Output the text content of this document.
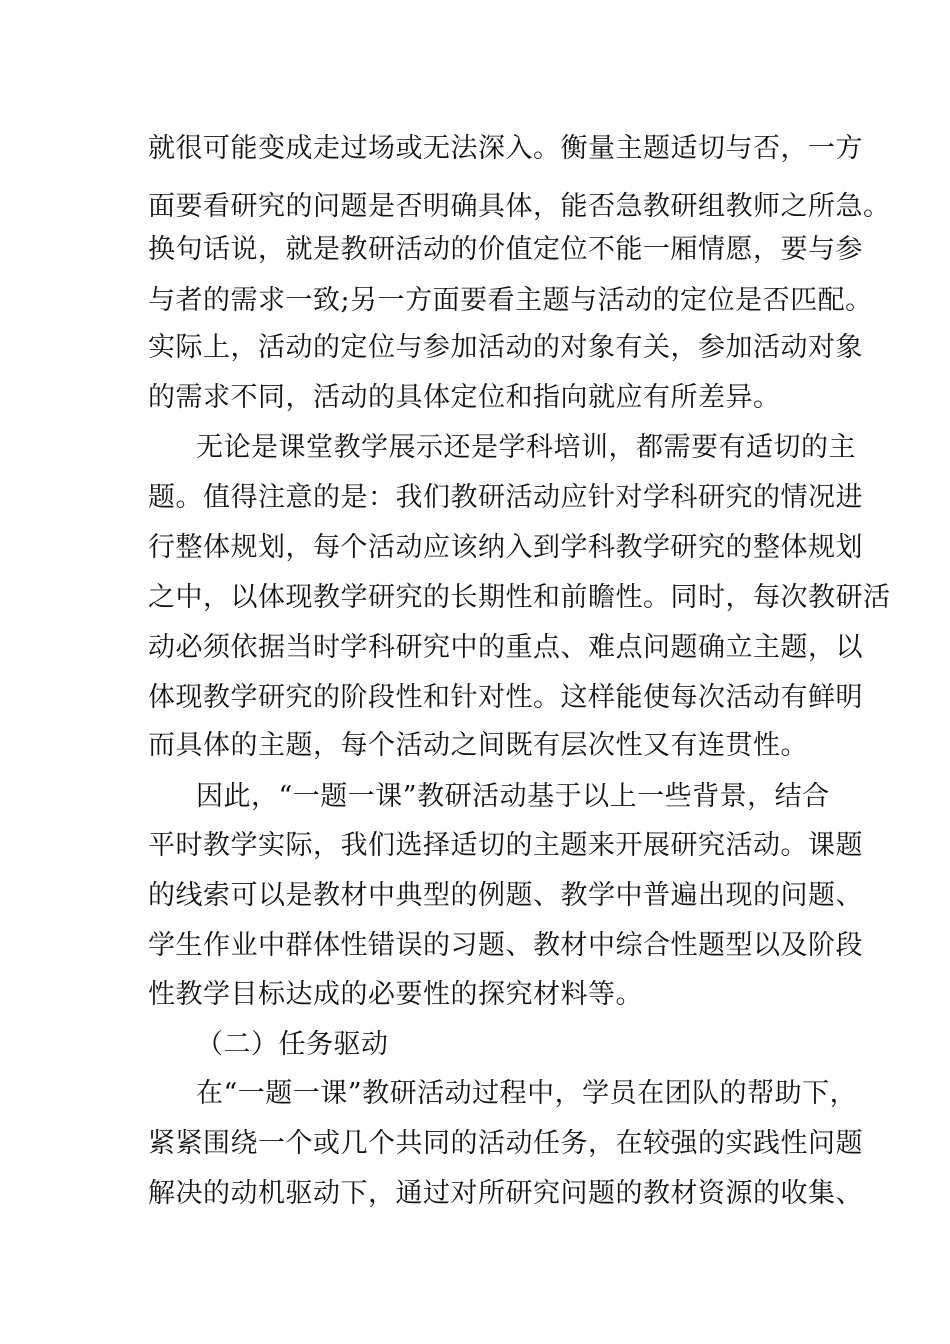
就很可能变成走过场或无法深入。衡量主题适切与否，一方
面要看研究的问题是否明确具体，能否急教研组教师之所急。
换句话说，就是教研活动的价值定位不能一厢情愿，要与参
与者的需求一致;另一方面要看主题与活动的定位是否匹配。
实际上，活动的定位与参加活动的对象有关，参加活动对象
的需求不同，活动的具体定位和指向就应有所差异。
无论是课堂教学展示还是学科培训，都需要有适切的主
题。值得注意的是：我们教研活动应针对学科研究的情况进
行整体规划，每个活动应该纳入到学科教学研究的整体规划
之中，以体现教学研究的长期性和前瞻性。同时，每次教研活
动必须依据当时学科研究中的重点、难点问题确立主题，以
体现教学研究的阶段性和针对性。这样能使每次活动有鲜明
而具体的主题，每个活动之间既有层次性又有连贯性。
因此，“一题一课”教研活动基于以上一些背景，结合
平时教学实际，我们选择适切的主题来开展研究活动。课题
的线索可以是教材中典型的例题、教学中普遍出现的问题、
学生作业中群体性错误的习题、教材中综合性题型以及阶段
性教学目标达成的必要性的探究材料等。
（二）任务驱动
在“一题一课”教研活动过程中，学员在团队的帮助下，
紧紧围绕一个或几个共同的活动任务，在较强的实践性问题
解决的动机驱动下，通过对所研究问题的教材资源的收集、
